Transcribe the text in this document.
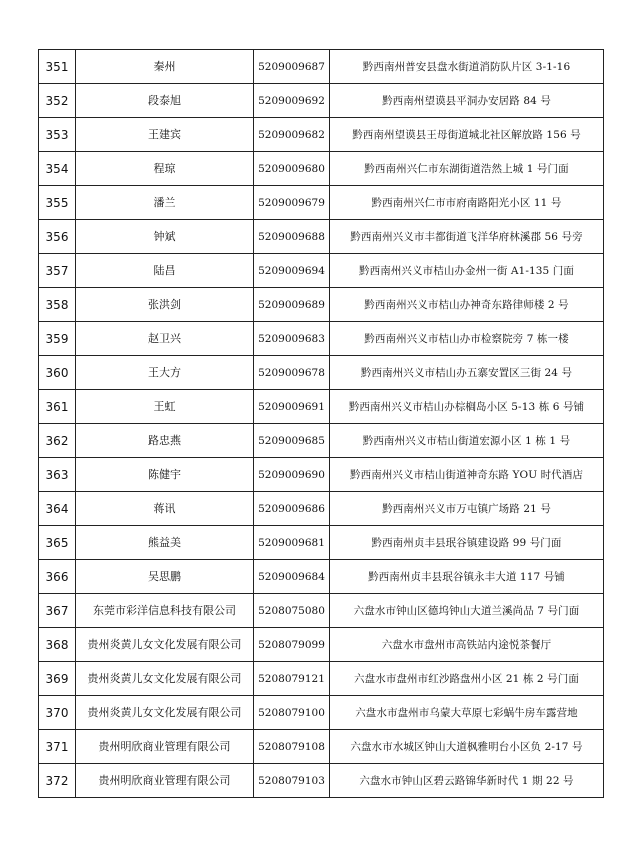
351	秦州	5209009687	黔西南州普安县盘水街道消防队片区 3-1-16
352	段泰旭	5209009692	黔西南州望谟县平洞办安居路 84 号
353	王建宾	5209009682	黔西南州望谟县王母街道城北社区解放路 156 号
354	程琼	5209009680	黔西南州兴仁市东湖街道浩然上城 1 号门面
355	潘兰	5209009679	黔西南州兴仁市市府南路阳光小区 11 号
356	钟斌	5209009688	黔西南州兴义市丰都街道飞洋华府林溪郡 56 号旁
357	陆昌	5209009694	黔西南州兴义市桔山办金州一街 A1-135 门面
358	张洪剑	5209009689	黔西南州兴义市桔山办神奇东路律师楼 2 号
359	赵卫兴	5209009683	黔西南州兴义市桔山办市检察院旁 7 栋一楼
360	王大方	5209009678	黔西南州兴义市桔山办五寨安置区三街 24 号
361	王虹	5209009691	黔西南州兴义市桔山办棕榈岛小区 5-13 栋 6 号铺
362	路忠燕	5209009685	黔西南州兴义市桔山街道宏源小区 1 栋 1 号
363	陈健宇	5209009690	黔西南州兴义市桔山街道神奇东路 YOU 时代酒店
364	蒋讯	5209009686	黔西南州兴义市万屯镇广场路 21 号
365	熊益美	5209009681	黔西南州贞丰县珉谷镇建设路 99 号门面
366	吴思鹏	5209009684	黔西南州贞丰县珉谷镇永丰大道 117 号铺
367	东莞市彩洋信息科技有限公司	5208075080	六盘水市钟山区德坞钟山大道兰溪尚品 7 号门面
368	贵州炎黄儿女文化发展有限公司	5208079099	六盘水市盘州市高铁站内途悦茶餐厅
369	贵州炎黄儿女文化发展有限公司	5208079121	六盘水市盘州市红沙路盘州小区 21 栋 2 号门面
370	贵州炎黄儿女文化发展有限公司	5208079100	六盘水市盘州市乌蒙大草原七彩蜗牛房车露营地
371	贵州明欣商业管理有限公司	5208079108	六盘水市水城区钟山大道枫雅明台小区负 2-17 号
372	贵州明欣商业管理有限公司	5208079103	六盘水市钟山区碧云路锦华新时代 1 期 22 号
